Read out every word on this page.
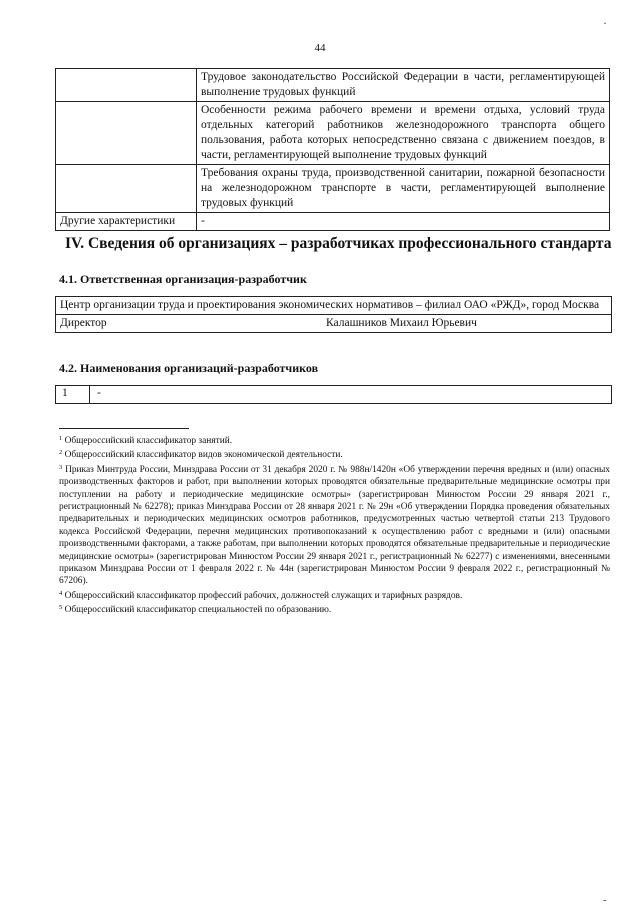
·
44
	Трудовое законодательство Российской Федерации в части, регламентирующей выполнение трудовых функций
	Особенности режима рабочего времени и времени отдыха, условий труда отдельных категорий работников железнодорожного транспорта общего пользования, работа которых непосредственно связана с движением поездов, в части, регламентирующей выполнение трудовых функций
	Требования охраны труда, производственной санитарии, пожарной безопасности на железнодорожном транспорте в части, регламентирующей выполнение трудовых функций
Другие характеристики	-
IV. Сведения об организациях – разработчиках профессионального стандарта
4.1. Ответственная организация-разработчик
Центр организации труда и проектирования экономических нормативов – филиал ОАО «РЖД», город Москва
Директор	Калашников Михаил Юрьевич
4.2. Наименования организаций-разработчиков
1	-

$^1$ Общероссийский классификатор занятий.

$^2$ Общероссийский классификатор видов экономической деятельности.

$^3$ Приказ Минтруда России, Минздрава России от 31 декабря 2020 г. № 988н/1420н «Об утверждении перечня вредных и (или) опасных производственных факторов и работ, при выполнении которых проводятся обязательные предварительные медицинские осмотры при поступлении на работу и периодические медицинские осмотры» (зарегистрирован Минюстом России 29 января 2021 г., регистрационный № 62278); приказ Минздрава России от 28 января 2021 г. № 29н «Об утверждении Порядка проведения обязательных предварительных и периодических медицинских осмотров работников, предусмотренных частью четвертой статьи 213 Трудового кодекса Российской Федерации, перечня медицинских противопоказаний к осуществлению работ с вредными и (или) опасными производственными факторами, а также работам, при выполнении которых проводятся обязательные предварительные и периодические медицинские осмотры» (зарегистрирован Минюстом России 29 января 2021 г., регистрационный № 62277) с изменениями, внесенными приказом Минздрава России от 1 февраля 2022 г. № 44н (зарегистрирован Минюстом России 9 февраля 2022 г., регистрационный № 67206).

$^4$ Общероссийский классификатор профессий рабочих, должностей служащих и тарифных разрядов.

$^5$ Общероссийский классификатор специальностей по образованию.

-
